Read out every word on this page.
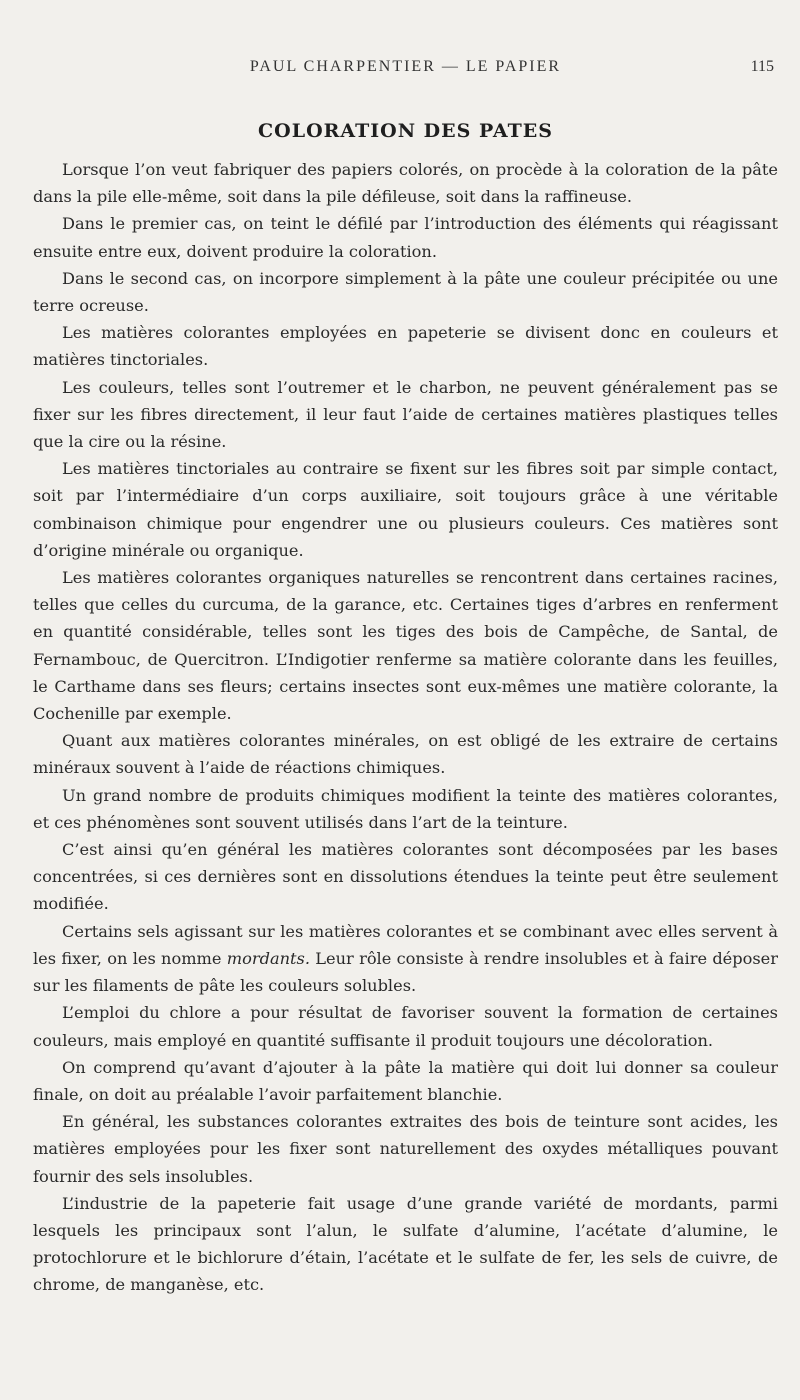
PAUL CHARPENTIER — LE PAPIER	115
COLORATION DES PATES

Lorsque l’on veut fabriquer des papiers colorés, on procède à la coloration de la pâte dans la pile elle-même, soit dans la pile défileuse, soit dans la raffineuse.

Dans le premier cas, on teint le défilé par l’introduction des éléments qui réagissant ensuite entre eux, doivent produire la coloration.

Dans le second cas, on incorpore simplement à la pâte une couleur précipitée ou une terre ocreuse.

Les matières colorantes employées en papeterie se divisent donc en couleurs et matières tinctoriales.

Les couleurs, telles sont l’outremer et le charbon, ne peuvent généralement pas se fixer sur les fibres directement, il leur faut l’aide de certaines matières plastiques telles que la cire ou la résine.

Les matières tinctoriales au contraire se fixent sur les fibres soit par simple contact, soit par l’intermédiaire d’un corps auxiliaire, soit toujours grâce à une véritable combinaison chimique pour engendrer une ou plusieurs couleurs. Ces matières sont d’origine minérale ou organique.

Les matières colorantes organiques naturelles se rencontrent dans certaines racines, telles que celles du curcuma, de la garance, etc. Certaines tiges d’arbres en renferment en quantité considérable, telles sont les tiges des bois de Campêche, de Santal, de Fernambouc, de Quercitron. L’Indigotier renferme sa matière colorante dans les feuilles, le Carthame dans ses fleurs; certains insectes sont eux-mêmes une matière colorante, la Cochenille par exemple.

Quant aux matières colorantes minérales, on est obligé de les extraire de certains minéraux souvent à l’aide de réactions chimiques.

Un grand nombre de produits chimiques modifient la teinte des matières colorantes, et ces phénomènes sont souvent utilisés dans l’art de la teinture.

C’est ainsi qu’en général les matières colorantes sont décomposées par les bases concentrées, si ces dernières sont en dissolutions étendues la teinte peut être seulement modifiée.

Certains sels agissant sur les matières colorantes et se combinant avec elles servent à les fixer, on les nomme mordants. Leur rôle consiste à rendre insolubles et à faire déposer sur les filaments de pâte les couleurs solubles.

L’emploi du chlore a pour résultat de favoriser souvent la formation de certaines couleurs, mais employé en quantité suffisante il produit toujours une décoloration.

On comprend qu’avant d’ajouter à la pâte la matière qui doit lui donner sa couleur finale, on doit au préalable l’avoir parfaitement blanchie.

En général, les substances colorantes extraites des bois de teinture sont acides, les matières employées pour les fixer sont naturellement des oxydes métalliques pouvant fournir des sels insolubles.

L’industrie de la papeterie fait usage d’une grande variété de mordants, parmi lesquels les principaux sont l’alun, le sulfate d’alumine, l’acétate d’alumine, le protochlorure et le bichlorure d’étain, l’acétate et le sulfate de fer, les sels de cuivre, de chrome, de manganèse, etc.
